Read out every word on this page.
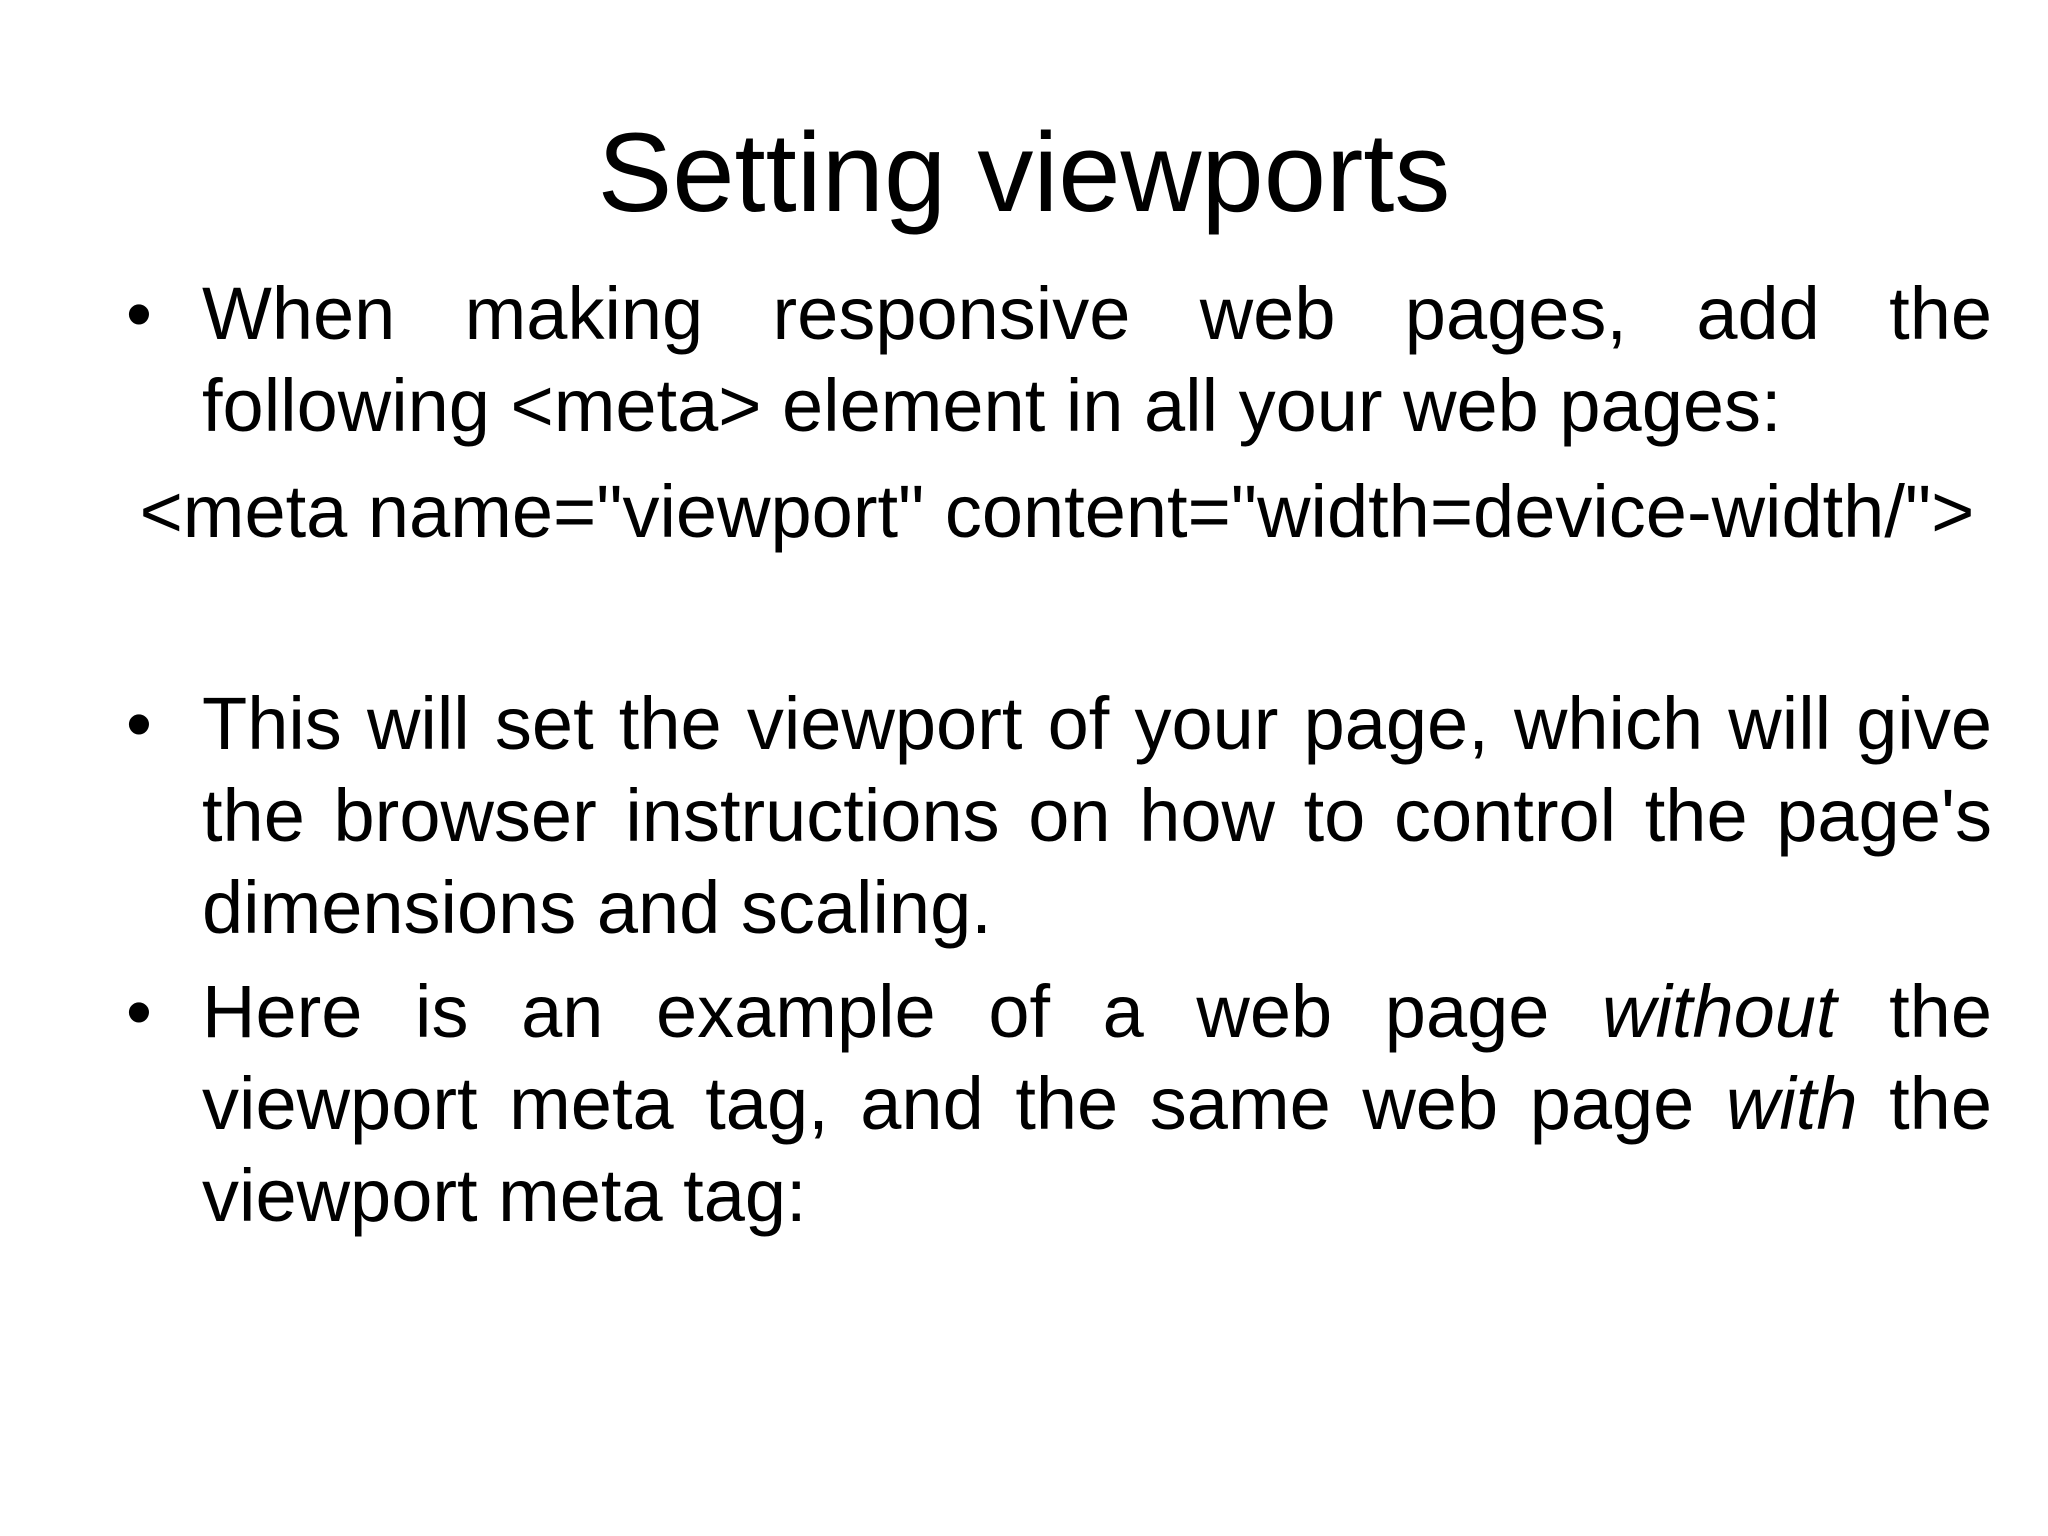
Setting viewports

• When making responsive web pages, add the following <meta> element in all your web pages:

<meta name="viewport" content="width=device-width/">

• This will set the viewport of your page, which will give the browser instructions on how to control the page's dimensions and scaling.

• Here is an example of a web page without the viewport meta tag, and the same web page with the viewport meta tag:
